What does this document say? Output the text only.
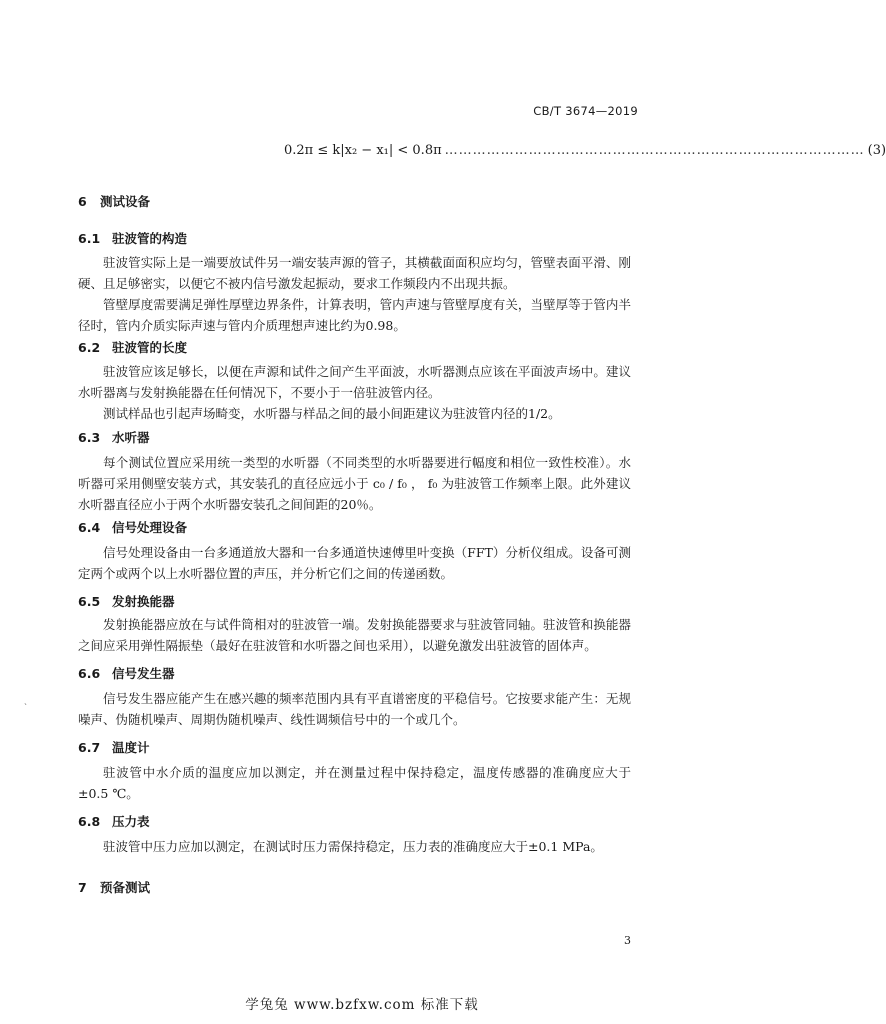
CB/T 3674—2019
0.2π ≤ k|x₂ − x₁| < 0.8π ……………………………………………………………………………… (3)
6 测试设备
6.1 驻波管的构造

驻波管实际上是一端要放试件另一端安装声源的管子，其横截面面积应均匀，管壁表面平滑、刚硬、且足够密实，以便它不被内信号激发起振动，要求工作频段内不出现共振。

管壁厚度需要满足弹性厚壁边界条件，计算表明，管内声速与管壁厚度有关，当壁厚等于管内半径时，管内介质实际声速与管内介质理想声速比约为0.98。

6.2 驻波管的长度

驻波管应该足够长，以便在声源和试件之间产生平面波，水听器测点应该在平面波声场中。建议水听器离与发射换能器在任何情况下，不要小于一倍驻波管内径。

测试样品也引起声场畸变，水听器与样品之间的最小间距建议为驻波管内径的1/2。

6.3 水听器

每个测试位置应采用统一类型的水听器（不同类型的水听器要进行幅度和相位一致性校准）。水听器可采用侧壁安装方式，其安装孔的直径应远小于 c₀ / f₀ ， f₀ 为驻波管工作频率上限。此外建议水听器直径应小于两个水听器安装孔之间间距的20％。

6.4 信号处理设备

信号处理设备由一台多通道放大器和一台多通道快速傅里叶变换（FFT）分析仪组成。设备可测定两个或两个以上水听器位置的声压，并分析它们之间的传递函数。

6.5 发射换能器

发射换能器应放在与试件筒相对的驻波管一端。发射换能器要求与驻波管同轴。驻波管和换能器之间应采用弹性隔振垫（最好在驻波管和水听器之间也采用），以避免激发出驻波管的固体声。

6.6 信号发生器

信号发生器应能产生在感兴趣的频率范围内具有平直谱密度的平稳信号。它按要求能产生：无规噪声、伪随机噪声、周期伪随机噪声、线性调频信号中的一个或几个。

6.7 温度计

驻波管中水介质的温度应加以测定，并在测量过程中保持稳定，温度传感器的准确度应大于±0.5 ℃。

6.8 压力表

驻波管中压力应加以测定，在测试时压力需保持稳定，压力表的准确度应大于±0.1 MPa。

7 预备测试
˴
3
学兔兔 www.bzfxw.com 标准下载
